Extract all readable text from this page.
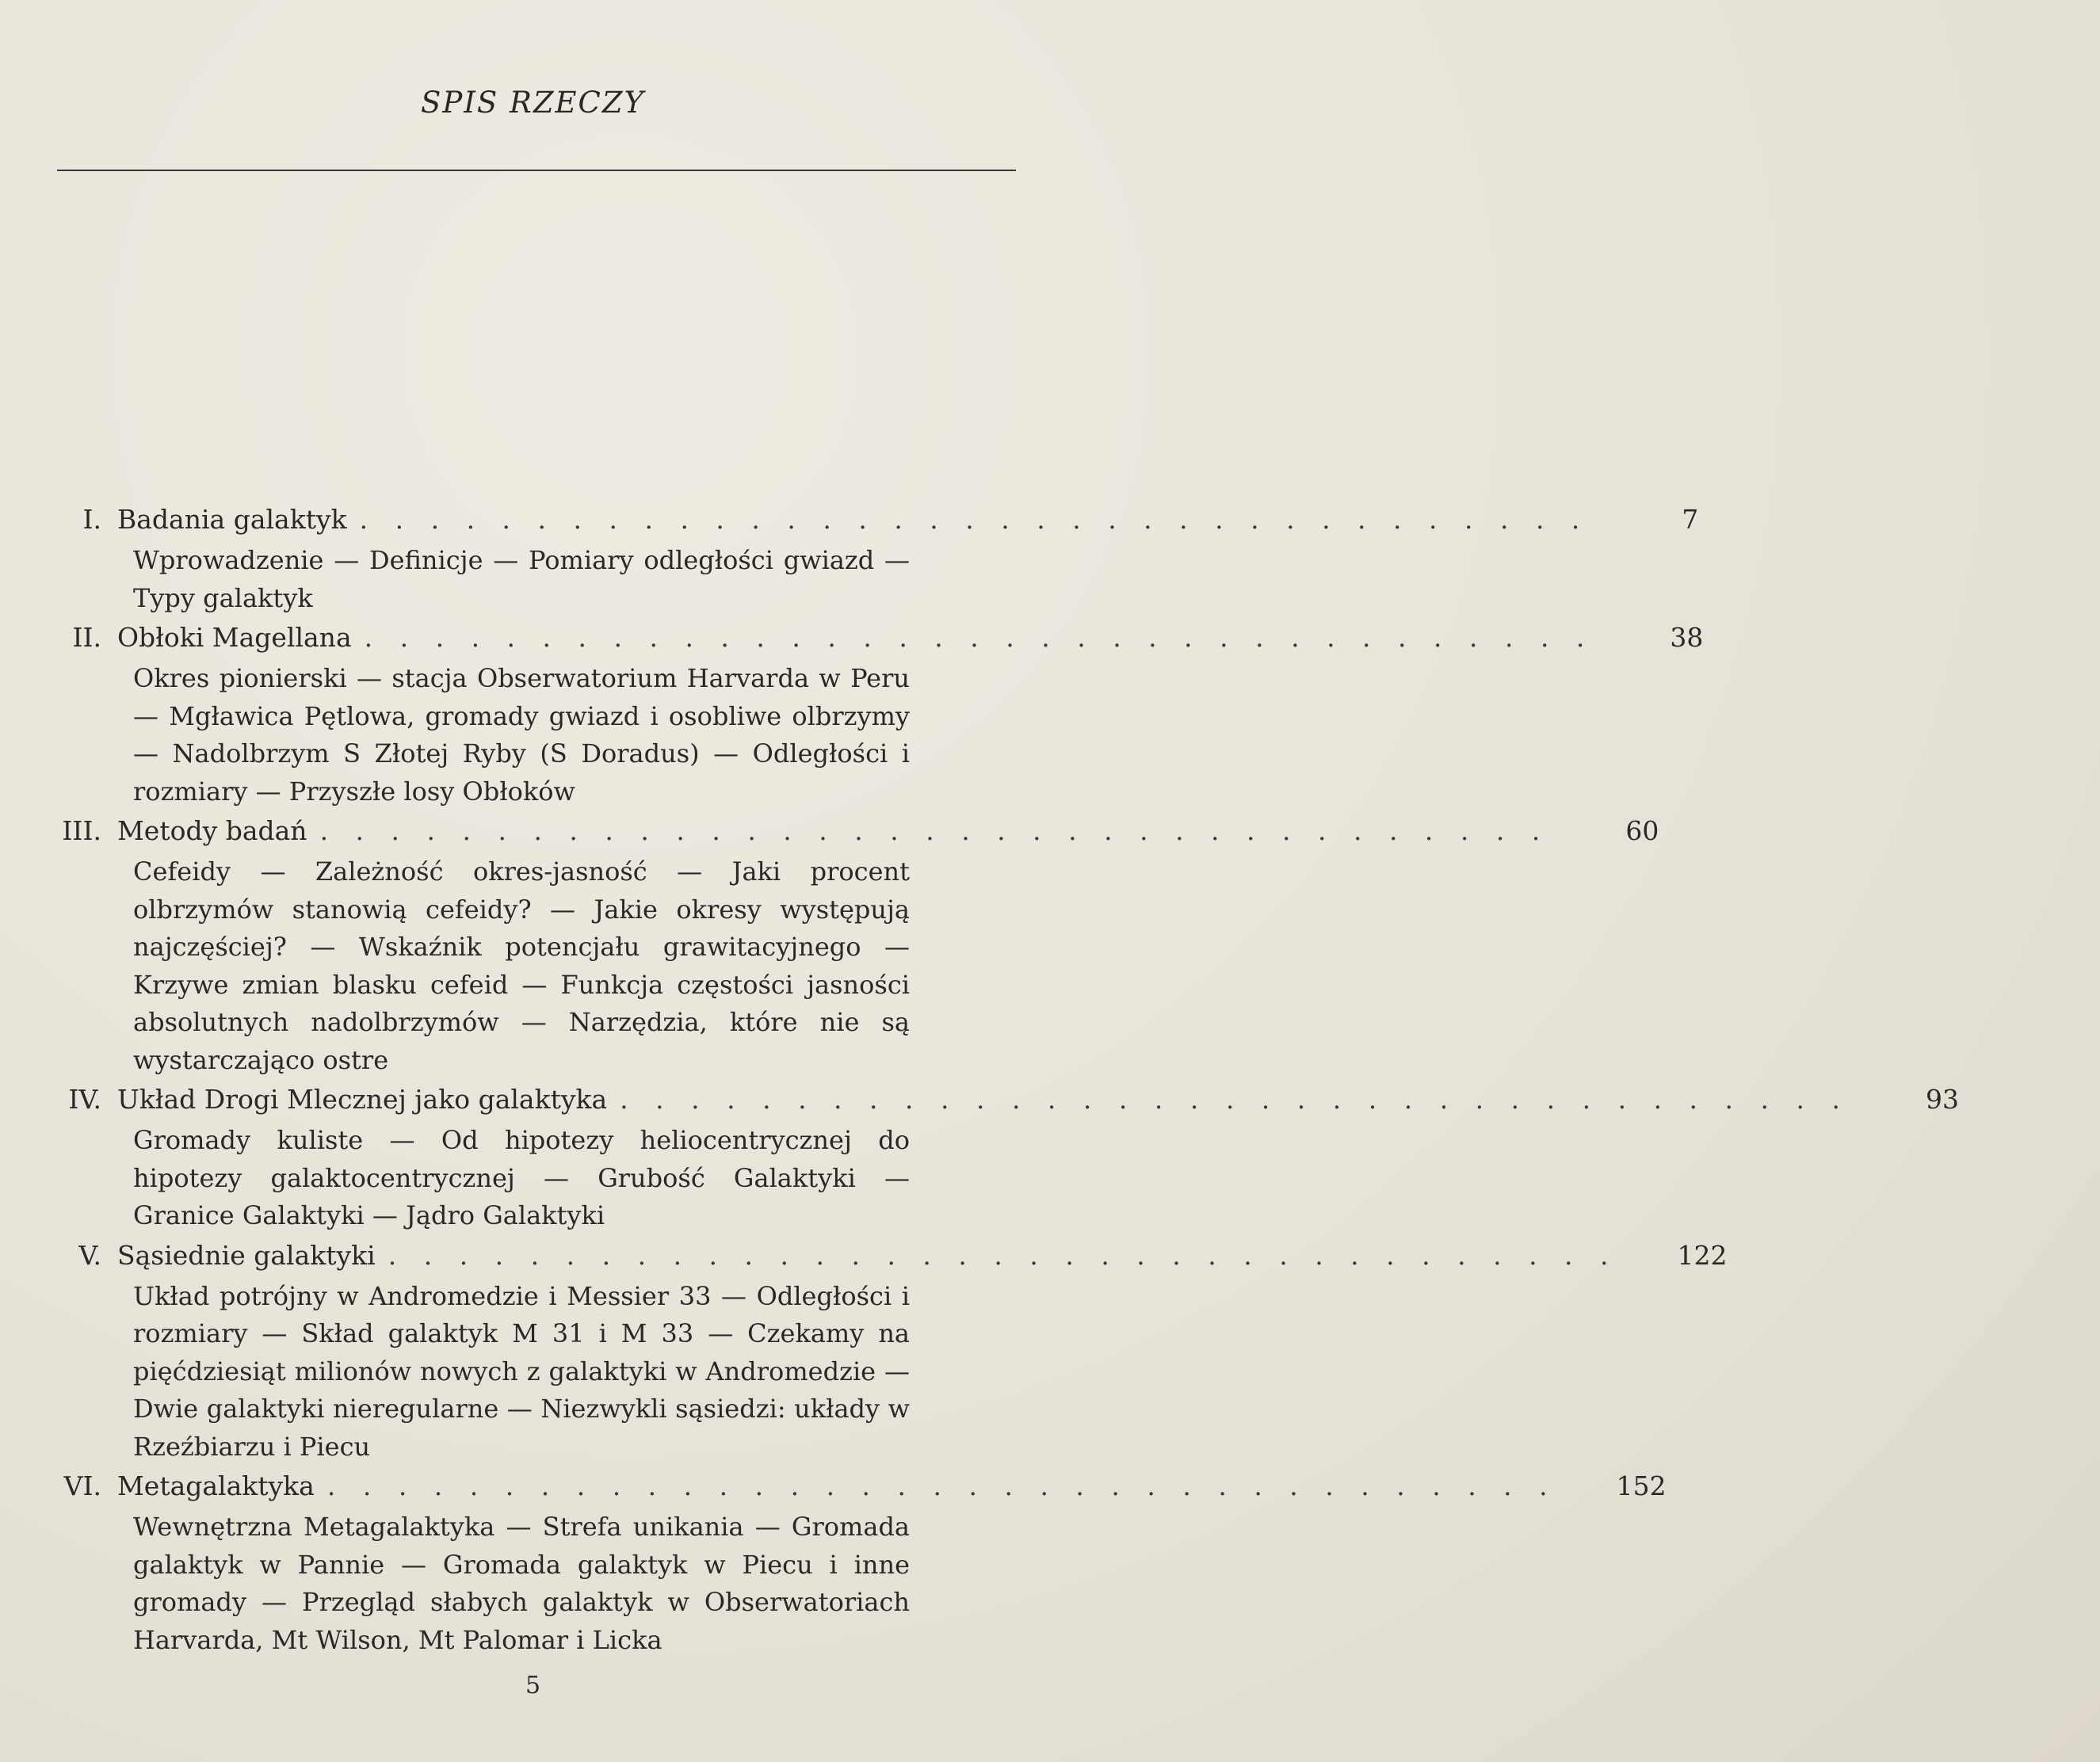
SPIS RZECZY
I. Badania galaktyk . . . . . . . . . . . . . . . . . . . . . . . . . . . . . . . . . . .	7
Wprowadzenie — Definicje — Pomiary odległości gwiazd — Typy galaktyk
II. Obłoki Magellana . . . . . . . . . . . . . . . . . . . . . . . . . . . . . . . . . . .	38
Okres pionierski — stacja Obserwatorium Harvarda w Peru — Mgławica Pętlowa, gromady gwiazd i osobliwe olbrzymy — Nadolbrzym S Złotej Ryby (S Doradus) — Odległości i rozmiary — Przyszłe losy Obłoków
III. Metody badań . . . . . . . . . . . . . . . . . . . . . . . . . . . . . . . . . . .	60
Cefeidy — Zależność okres-jasność — Jaki procent olbrzymów stanowią cefeidy? — Jakie okresy występują najczęściej? — Wskaźnik potencjału grawitacyjnego — Krzywe zmian blasku cefeid — Funkcja częstości jasności absolutnych nadolbrzymów — Narzędzia, które nie są wystarczająco ostre
IV. Układ Drogi Mlecznej jako galaktyka . . . . . . . . . . . . . . . . . . . . . . . . . . . . . . . . . . .	93
Gromady kuliste — Od hipotezy heliocentrycznej do hipotezy galaktocentrycznej — Grubość Galaktyki — Granice Galaktyki — Jądro Galaktyki
V. Sąsiednie galaktyki . . . . . . . . . . . . . . . . . . . . . . . . . . . . . . . . . . .	122
Układ potrójny w Andromedzie i Messier 33 — Odległości i rozmiary — Skład galaktyk M 31 i M 33 — Czekamy na pięćdziesiąt milionów nowych z galaktyki w Andromedzie — Dwie galaktyki nieregularne — Niezwykli sąsiedzi: układy w Rzeźbiarzu i Piecu
VI. Metagalaktyka . . . . . . . . . . . . . . . . . . . . . . . . . . . . . . . . . . .	152
Wewnętrzna Metagalaktyka — Strefa unikania — Gromada galaktyk w Pannie — Gromada galaktyk w Piecu i inne gromady — Przegląd słabych galaktyk w Obserwatoriach Harvarda, Mt Wilson, Mt Palomar i Licka
5
